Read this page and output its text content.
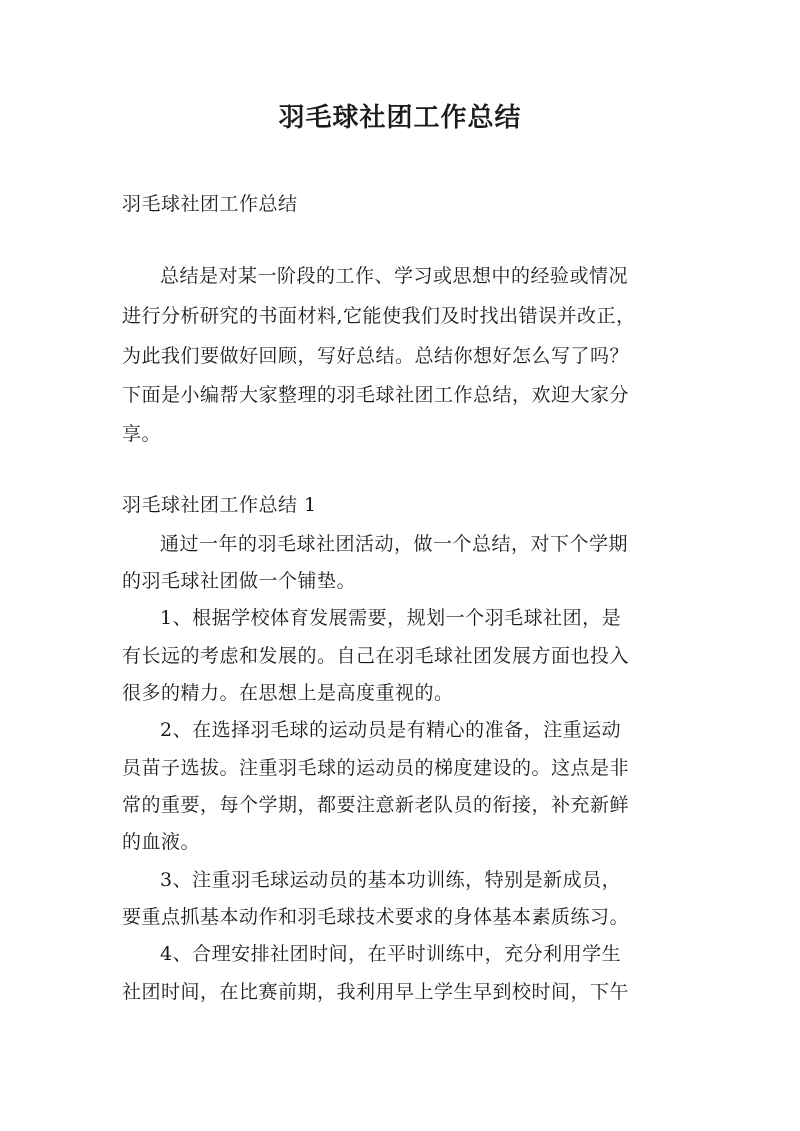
羽毛球社团工作总结

羽毛球社团工作总结

总结是对某一阶段的工作、学习或思想中的经验或情况

进行分析研究的书面材料,它能使我们及时找出错误并改正，

为此我们要做好回顾，写好总结。总结你想好怎么写了吗？

下面是小编帮大家整理的羽毛球社团工作总结，欢迎大家分

享。

羽毛球社团工作总结 1

通过一年的羽毛球社团活动，做一个总结，对下个学期

的羽毛球社团做一个铺垫。

1、根据学校体育发展需要，规划一个羽毛球社团，是

有长远的考虑和发展的。自己在羽毛球社团发展方面也投入

很多的精力。在思想上是高度重视的。

2、在选择羽毛球的运动员是有精心的准备，注重运动

员苗子选拔。注重羽毛球的运动员的梯度建设的。这点是非

常的重要，每个学期，都要注意新老队员的衔接，补充新鲜

的血液。

3、注重羽毛球运动员的基本功训练，特别是新成员，

要重点抓基本动作和羽毛球技术要求的身体基本素质练习。

4、合理安排社团时间，在平时训练中，充分利用学生

社团时间，在比赛前期，我利用早上学生早到校时间，下午
